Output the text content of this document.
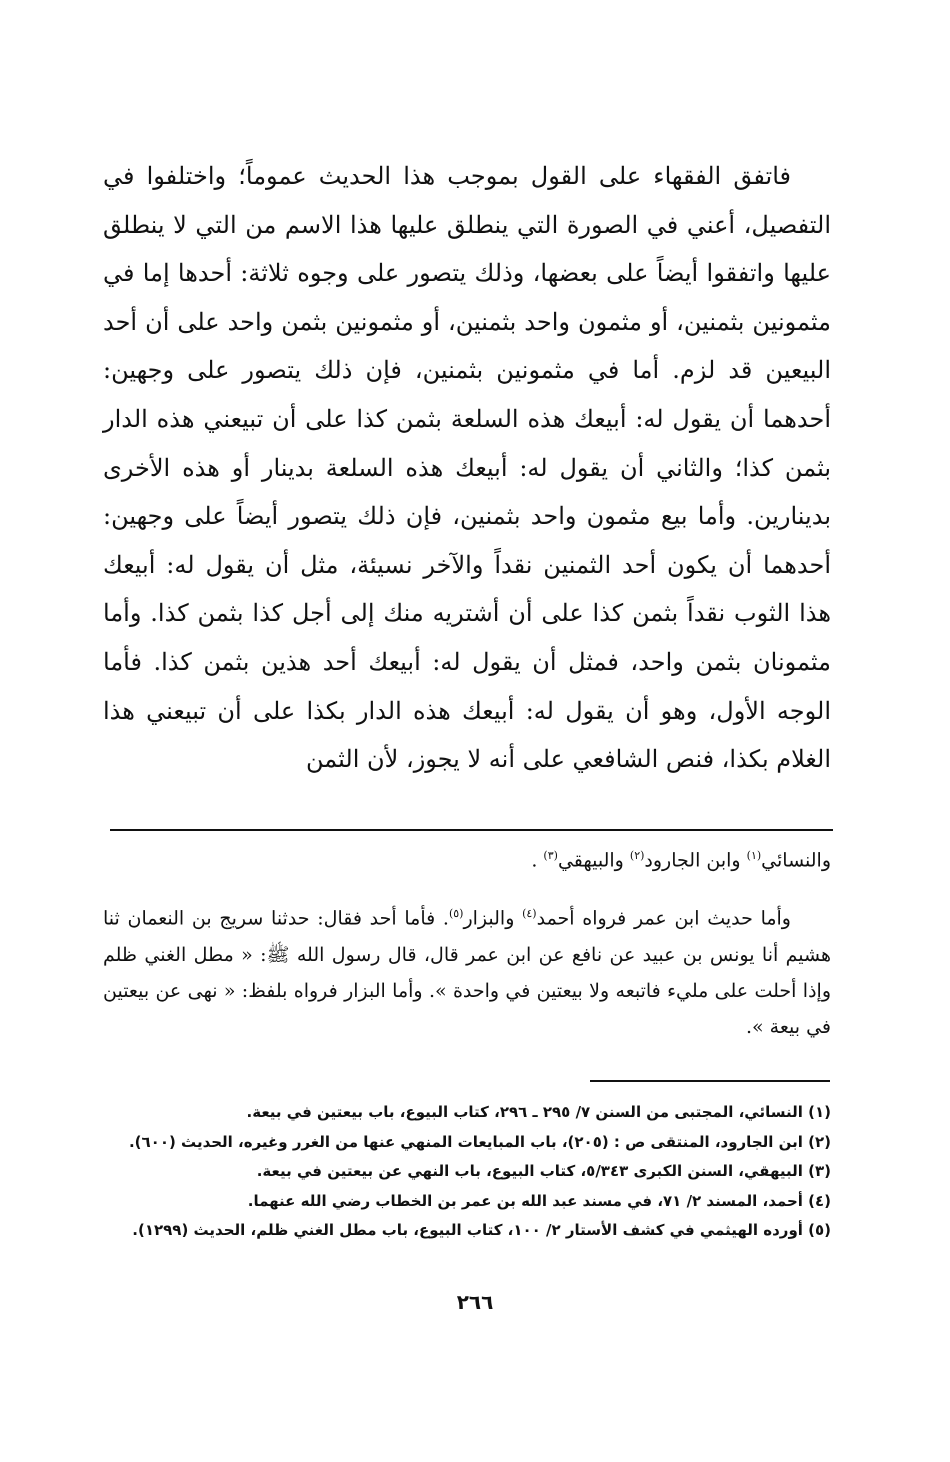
فاتفق الفقهاء على القول بموجب هذا الحديث عموماً؛ واختلفوا في التفصيل، أعني في الصورة التي ينطلق عليها هذا الاسم من التي لا ينطلق عليها واتفقوا أيضاً على بعضها، وذلك يتصور على وجوه ثلاثة: أحدها إما في مثمونين بثمنين، أو مثمون واحد بثمنين، أو مثمونين بثمن واحد على أن أحد البيعين قد لزم. أما في مثمونين بثمنين، فإن ذلك يتصور على وجهين: أحدهما أن يقول له: أبيعك هذه السلعة بثمن كذا على أن تبيعني هذه الدار بثمن كذا؛ والثاني أن يقول له: أبيعك هذه السلعة بدينار أو هذه الأخرى بدينارين. وأما بيع مثمون واحد بثمنين، فإن ذلك يتصور أيضاً على وجهين: أحدهما أن يكون أحد الثمنين نقداً والآخر نسيئة، مثل أن يقول له: أبيعك هذا الثوب نقداً بثمن كذا على أن أشتريه منك إلى أجل كذا بثمن كذا. وأما مثمونان بثمن واحد، فمثل أن يقول له: أبيعك أحد هذين بثمن كذا. فأما الوجه الأول، وهو أن يقول له: أبيعك هذه الدار بكذا على أن تبيعني هذا الغلام بكذا، فنص الشافعي على أنه لا يجوز، لأن الثمن

والنسائي$^{(١)}$ وابن الجارود$^{(٢)}$ والبيهقي$^{(٣)}$ .

وأما حديث ابن عمر فرواه أحمد$^{(٤)}$ والبزار$^{(٥)}$. فأما أحد فقال: حدثنا سريج بن النعمان ثنا هشيم أنا يونس بن عبيد عن نافع عن ابن عمر قال، قال رسول الله ﷺ: « مطل الغني ظلم وإذا أحلت على مليء فاتبعه ولا بيعتين في واحدة ». وأما البزار فرواه بلفظ: « نهى عن بيعتين في بيعة ».

(١) النسائي، المجتبى من السنن ٧/ ٢٩٥ ـ ٢٩٦، كتاب البيوع، باب بيعتين في بيعة.

(٢) ابن الجارود، المنتقى ص : (٢٠٥)، باب المبايعات المنهي عنها من الغرر وغيره، الحديث (٦٠٠).

(٣) البيهقي، السنن الكبرى ٥/٣٤٣، كتاب البيوع، باب النهي عن بيعتين في بيعة.

(٤) أحمد، المسند ٢/ ٧١، في مسند عبد الله بن عمر بن الخطاب رضي الله عنهما.

(٥) أورده الهيثمي في كشف الأستار ٢/ ١٠٠، كتاب البيوع، باب مطل الغني ظلم، الحديث (١٢٩٩).

٢٦٦
